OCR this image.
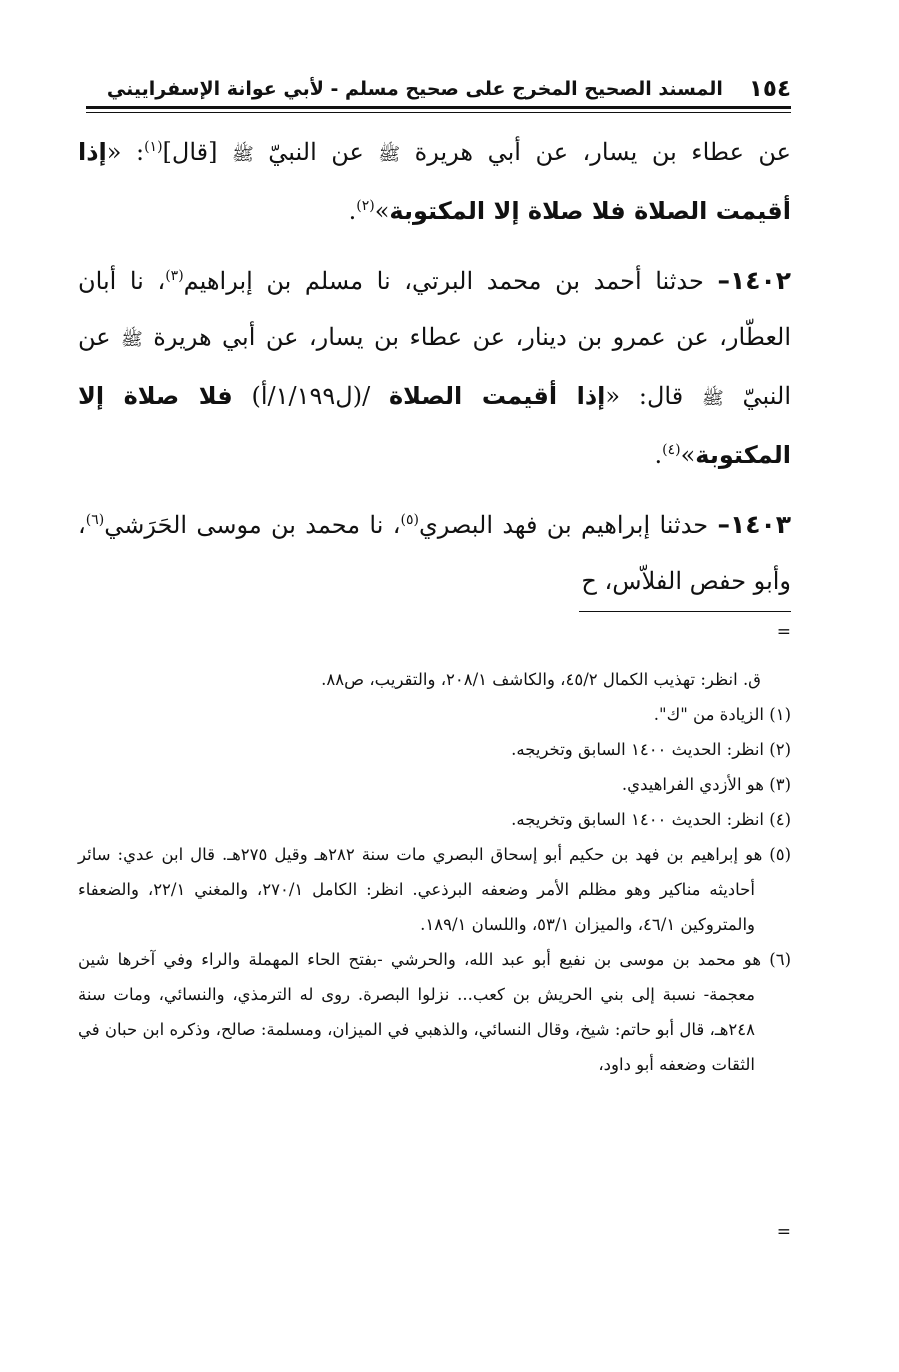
١٥٤
المسند الصحيح المخرج على صحيح مسلم - لأبي عوانة الإسفراييني

عن عطاء بن يسار، عن أبي هريرة ﷺ عن النبيّ ﷺ [قال]$^{(١)}$: «إذا أقيمت الصلاة فلا صلاة إلا المكتوبة»$^{(٢)}$.

١٤٠٢– حدثنا أحمد بن محمد البرتي، نا مسلم بن إبراهيم$^{(٣)}$، نا أبان العطّار، عن عمرو بن دينار، عن عطاء بن يسار، عن أبي هريرة ﷺ عن النبيّ ﷺ قال: «إذا أقيمت الصلاة /(ل١/١٩٩/أ) فلا صلاة إلا المكتوبة»$^{(٤)}$.

١٤٠٣– حدثنا إبراهيم بن فهد البصري$^{(٥)}$، نا محمد بن موسى الحَرَشي$^{(٦)}$، وأبو حفص الفلاّس، ح

=

ق. انظر: تهذيب الكمال ٤٥/٢، والكاشف ٢٠٨/١، والتقريب، ص٨٨.

(١) الزيادة من "ك".

(٢) انظر: الحديث ١٤٠٠ السابق وتخريجه.

(٣) هو الأزدي الفراهيدي.

(٤) انظر: الحديث ١٤٠٠ السابق وتخريجه.

(٥) هو إبراهيم بن فهد بن حكيم أبو إسحاق البصري مات سنة ٢٨٢هـ وقيل ٢٧٥هـ. قال ابن عدي: سائر أحاديثه مناكير وهو مظلم الأمر وضعفه البرذعي. انظر: الكامل ٢٧٠/١، والمغني ٢٢/١، والضعفاء والمتروكين ٤٦/١، والميزان ٥٣/١، واللسان ١٨٩/١.

(٦) هو محمد بن موسى بن نفيع أبو عبد الله، والحرشي -بفتح الحاء المهملة والراء وفي آخرها شين معجمة- نسبة إلى بني الحريش بن كعب... نزلوا البصرة. روى له الترمذي، والنسائي، ومات سنة ٢٤٨هـ، قال أبو حاتم: شيخ، وقال النسائي، والذهبي في الميزان، ومسلمة: صالح، وذكره ابن حبان في الثقات وضعفه أبو داود،

=
